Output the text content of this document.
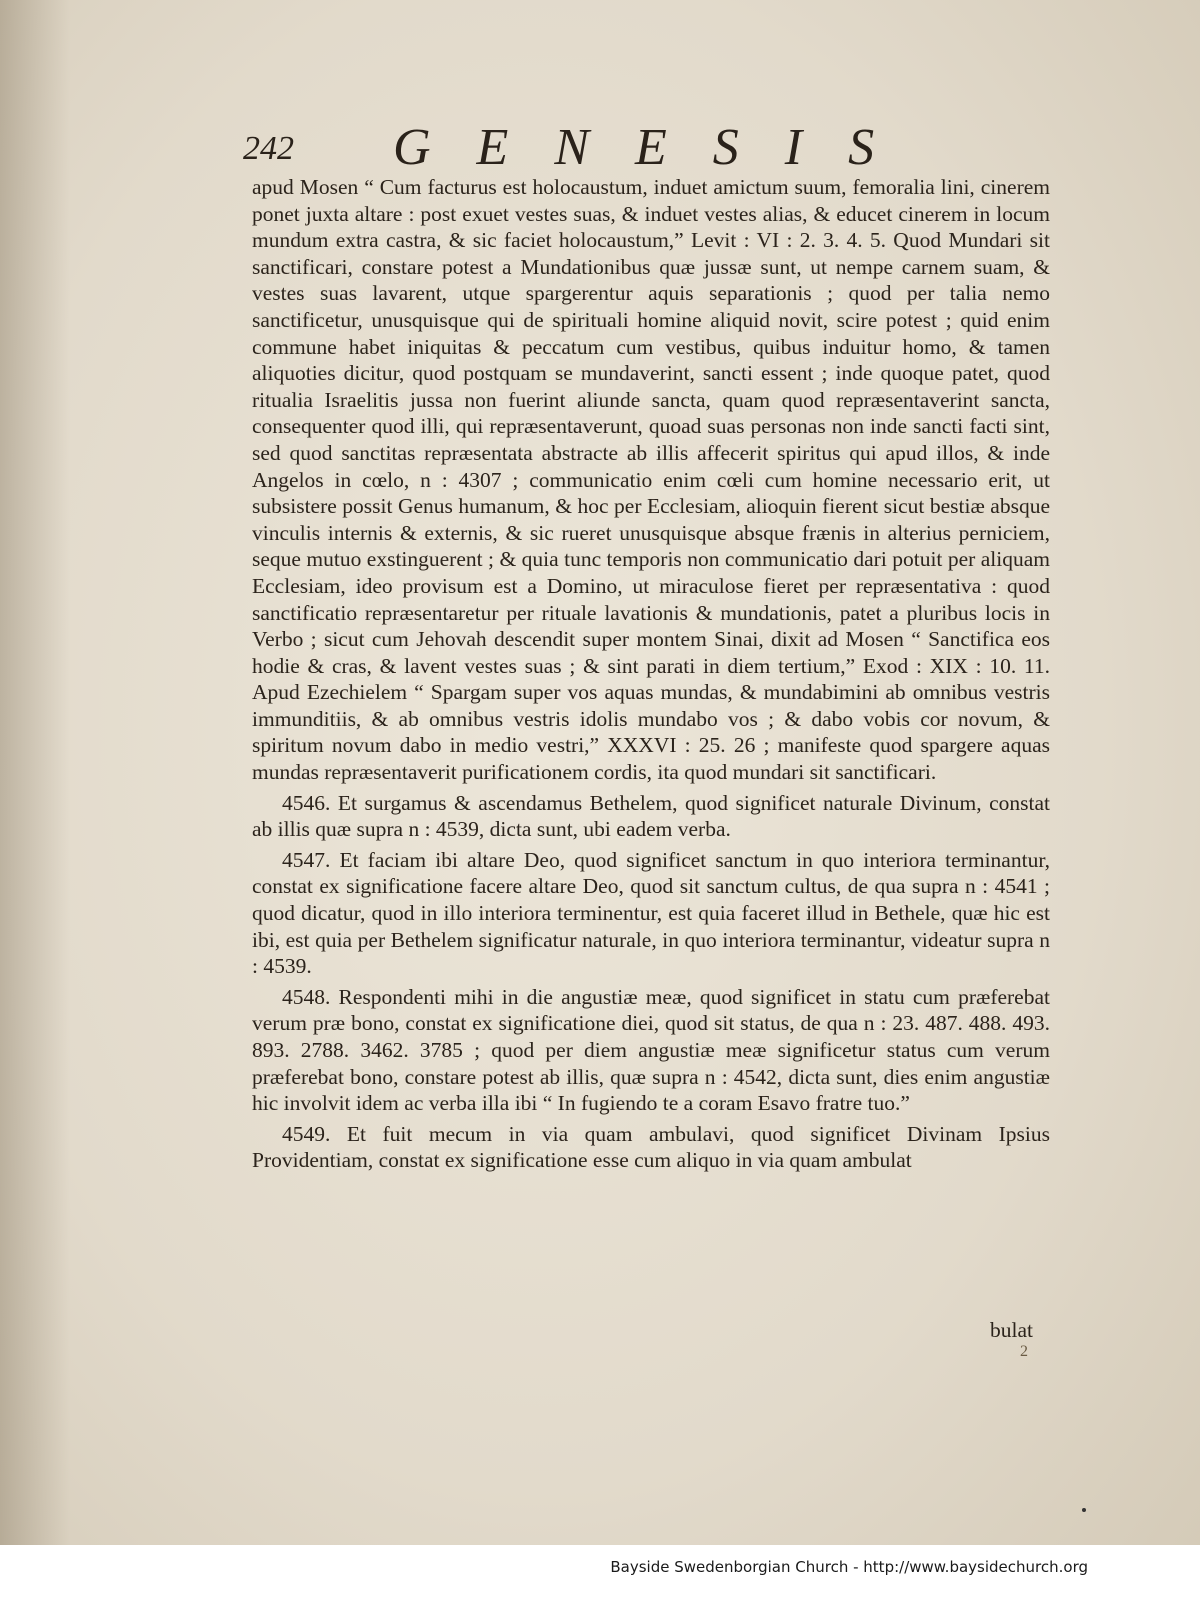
242 GENESIS

apud Mosen “ Cum facturus est holocaustum, induet amictum suum, femoralia lini, cinerem ponet juxta altare : post exuet vestes suas, & induet vestes alias, & educet cinerem in locum mundum extra castra, & sic faciet holocaustum,” Levit : VI : 2. 3. 4. 5. Quod Mundari sit sanctificari, constare potest a Mundationibus quæ jussæ sunt, ut nempe carnem suam, & vestes suas lavarent, utque spargerentur aquis separationis ; quod per talia nemo sanctificetur, unusquisque qui de spirituali homine aliquid novit, scire potest ; quid enim commune habet iniquitas & peccatum cum vestibus, quibus induitur homo, & tamen aliquoties dicitur, quod postquam se mundaverint, sancti essent ; inde quoque patet, quod ritualia Israelitis jussa non fuerint aliunde sancta, quam quod repræsentaverint sancta, consequenter quod illi, qui repræsentaverunt, quoad suas personas non inde sancti facti sint, sed quod sanctitas repræsentata abstracte ab illis affecerit spiritus qui apud illos, & inde Angelos in cœlo, n : 4307 ; communicatio enim cœli cum homine necessario erit, ut subsistere possit Genus humanum, & hoc per Ecclesiam, alioquin fierent sicut bestiæ absque vinculis internis & externis, & sic rueret unusquisque absque frænis in alterius perniciem, seque mutuo exstinguerent ; & quia tunc temporis non communicatio dari potuit per aliquam Ecclesiam, ideo provisum est a Domino, ut miraculose fieret per repræsentativa : quod sanctificatio repræsentaretur per rituale lavationis & mundationis, patet a pluribus locis in Verbo ; sicut cum Jehovah descendit super montem Sinai, dixit ad Mosen “ Sanctifica eos hodie & cras, & lavent vestes suas ; & sint parati in diem tertium,” Exod : XIX : 10. 11. Apud Ezechielem “ Spargam super vos aquas mundas, & mundabimini ab omnibus vestris immunditiis, & ab omnibus vestris idolis mundabo vos ; & dabo vobis cor novum, & spiritum novum dabo in medio vestri,” XXXVI : 25. 26 ; manifeste quod spargere aquas mundas repræsentaverit purificationem cordis, ita quod mundari sit sanctificari.

4546. Et surgamus & ascendamus Bethelem, quod significet naturale Divinum, constat ab illis quæ supra n : 4539, dicta sunt, ubi eadem verba.

4547. Et faciam ibi altare Deo, quod significet sanctum in quo interiora terminantur, constat ex significatione facere altare Deo, quod sit sanctum cultus, de qua supra n : 4541 ; quod dicatur, quod in illo interiora terminentur, est quia faceret illud in Bethele, quæ hic est ibi, est quia per Bethelem significatur naturale, in quo interiora terminantur, videatur supra n : 4539.

4548. Respondenti mihi in die angustiæ meæ, quod significet in statu cum præferebat verum præ bono, constat ex significatione diei, quod sit status, de qua n : 23. 487. 488. 493. 893. 2788. 3462. 3785 ; quod per diem angustiæ meæ significetur status cum verum præferebat bono, constare potest ab illis, quæ supra n : 4542, dicta sunt, dies enim angustiæ hic involvit idem ac verba illa ibi “ In fugiendo te a coram Esavo fratre tuo.”

4549. Et fuit mecum in via quam ambulavi, quod significet Divinam Ipsius Providentiam, constat ex significatione esse cum aliquo in via quam ambulat

bulat
2
Bayside Swedenborgian Church - http://www.baysidechurch.org
